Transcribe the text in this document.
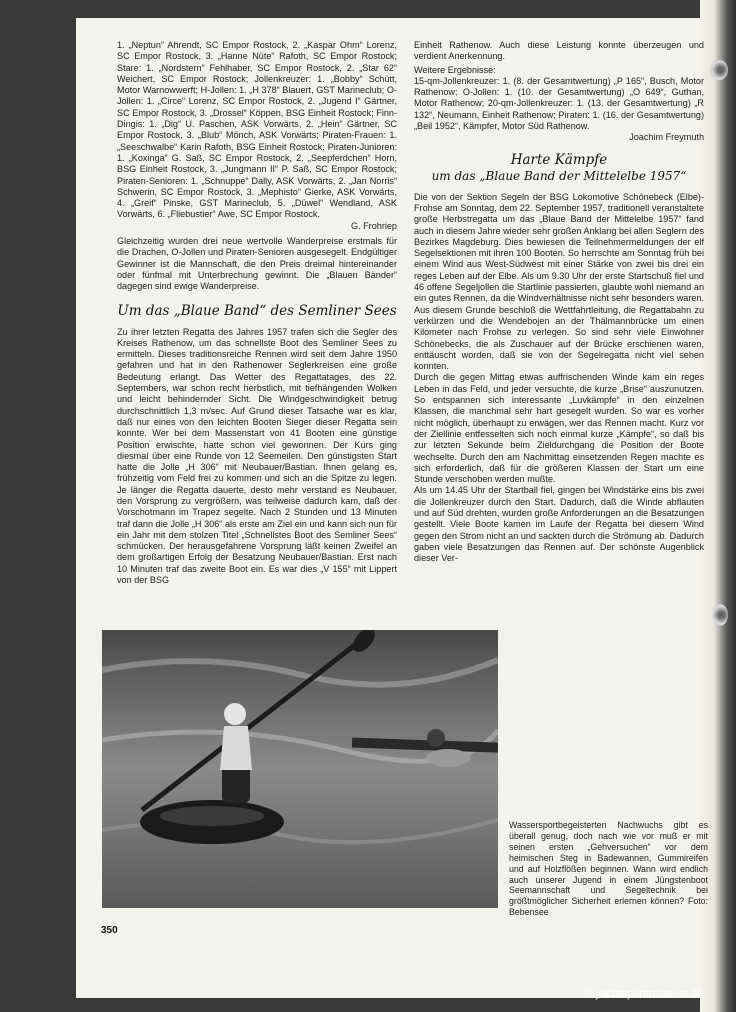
1. „Neptun“ Ahrendt, SC Empor Rostock, 2. „Kaspar Ohm“ Lorenz, SC Empor Rostock, 3. „Hanne Nüte“ Rafoth, SC Empor Rostock; Stare: 1. „Nordstern“ Fehlhaber, SC Empor Rostock, 2. „Star 62“ Weichert, SC Empor Rostock; Jollenkreuzer: 1. „Bobby“ Schütt, Motor Warnowwerft; H-Jollen: 1. „H 378“ Blauert, GST Marineclub; O-Jollen: 1. „Circe“ Lorenz, SC Empor Rostock, 2. „Jugend I“ Gärtner, SC Empor Rostock, 3. „Drossel“ Köppen, BSG Einheit Rostock; Finn-Dingis: 1. „Dig“ U. Paschen, ASK Vorwärts, 2. „Hein“ Gärtner, SC Empor Rostock, 3. „Blub“ Mönch, ASK Vorwärts; Piraten-Frauen: 1. „Seeschwalbe“ Karin Rafoth, BSG Einheit Rostock; Piraten-Junioren: 1. „Koxinga“ G. Saß, SC Empor Rostock, 2. „Seepferdchen“ Horn, BSG Einheit Rostock, 3. „Jungmann II“ P. Saß, SC Empor Rostock; Piraten-Senioren: 1. „Schnuppe“ Dally, ASK Vorwärts, 2. „Jan Norris“ Schwerin, SC Empor Rostock, 3. „Mephisto“ Gierke, ASK Vorwärts, 4. „Greif“ Pinske, GST Marineclub, 5. „Düwel“ Wendland, ASK Vorwärts, 6. „Fliebustier“ Awe, SC Empor Rostock.

G. Frohriep

Gleichzeitig wurden drei neue wertvolle Wanderpreise erstmals für die Drachen, O-Jollen und Piraten-Senioren ausgesegelt. Endgültiger Gewinner ist die Mannschaft, die den Preis dreimal hintereinander oder fünfmal mit Unterbrechung gewinnt. Die „Blauen Bänder“ dagegen sind ewige Wanderpreise.

Um das „Blaue Band“ des Semliner Sees

Zu ihrer letzten Regatta des Jahres 1957 trafen sich die Segler des Kreises Rathenow, um das schnellste Boot des Semliner Sees zu ermitteln. Dieses traditionsreiche Rennen wird seit dem Jahre 1950 gefahren und hat in den Rathenower Seglerkreisen eine große Bedeutung erlangt. Das Wetter des Regattatages, des 22. Septembers, war schon recht herbstlich, mit tiefhängenden Wolken und leicht behindernder Sicht. Die Windgeschwindigkeit betrug durchschnittlich 1,3 m/sec. Auf Grund dieser Tatsache war es klar, daß nur eines von den leichten Booten Sieger dieser Regatta sein konnte. Wer bei dem Massenstart von 41 Booten eine günstige Position erwischte, hatte schon viel gewonnen. Der Kurs ging diesmal über eine Runde von 12 Seemeilen. Den günstigsten Start hatte die Jolle „H 306“ mit Neubauer/Bastian. Ihnen gelang es, frühzeitig vom Feld frei zu kommen und sich an die Spitze zu legen. Je länger die Regatta dauerte, desto mehr verstand es Neubauer, den Vorsprung zu vergrößern, was teilweise dadurch kam, daß der Vorschotmann im Trapez segelte. Nach 2 Stunden und 13 Minuten traf dann die Jolle „H 306“ als erste am Ziel ein und kann sich nun für ein Jahr mit dem stolzen Titel „Schnellstes Boot des Semliner Sees“ schmücken. Der herausgefahrene Vorsprung läßt keinen Zweifel an dem großartigen Erfolg der Besatzung Neubauer/Bastian. Erst nach 10 Minuten traf das zweite Boot ein. Es war dies „V 155“ mit Lippert von der BSG

Einheit Rathenow. Auch diese Leistung konnte überzeugen und verdient Anerkennung.

Weitere Ergebnisse:

15-qm-Jollenkreuzer: 1. (8. der Gesamtwertung) „P 165“, Busch, Motor Rathenow; O-Jollen: 1. (10. der Gesamtwertung) „O 649“, Guthan, Motor Rathenow; 20-qm-Jollenkreuzer: 1. (13. der Gesamtwertung) „R 132“, Neumann, Einheit Rathenow; Piraten: 1. (16. der Gesamtwertung) „Beil 1952“, Kämpfer, Motor Süd Rathenow.

Joachim Freymuth

Harte Kämpfe
um das „Blaue Band der Mittelelbe 1957“

Die von der Sektion Segeln der BSG Lokomotive Schönebeck (Elbe)-Frohse am Sonntag, dem 22. September 1957, traditionell veranstaltete große Herbstregatta um das „Blaue Band der Mittelelbe 1957“ fand auch in diesem Jahre wieder sehr großen Anklang bei allen Seglern des Bezirkes Magdeburg. Dies bewiesen die Teilnehmermeldungen der elf Segelsektionen mit ihren 100 Booten. So herrschte am Sonntag früh bei einem Wind aus West-Südwest mit einer Stärke von zwei bis drei ein reges Leben auf der Elbe. Als um 9.30 Uhr der erste Startschuß fiel und 46 offene Segeljollen die Startlinie passierten, glaubte wohl niemand an ein gutes Rennen, da die Windverhältnisse nicht sehr besonders waren. Aus diesem Grunde beschloß die Wettfahrtleitung, die Regattabahn zu verkürzen und die Wendebojen an der Thälmannbrücke um einen Kilometer nach Frohse zu verlegen. So sind sehr viele Einwohner Schönebecks, die als Zuschauer auf der Brücke erschienen waren, enttäuscht worden, daß sie von der Segelregatta nicht viel sehen konnten.

Durch die gegen Mittag etwas auffrischenden Winde kam ein reges Leben in das Feld, und jeder versuchte, die kurze „Brise“ auszunutzen. So entspannen sich interessante „Luvkämpfe“ in den einzelnen Klassen, die manchmal sehr hart gesegelt wurden. So war es vorher nicht möglich, überhaupt zu erwägen, wer das Rennen macht. Kurz vor der Ziellinie entfesselten sich noch einmal kurze „Kämpfe“, so daß bis zur letzten Sekunde beim Zieldurchgang die Position der Boote wechselte. Durch den am Nachmittag einsetzenden Regen machte es sich erforderlich, daß für die größeren Klassen der Start um eine Stunde verschoben werden mußte.

Als um 14.45 Uhr der Startball fiel, gingen bei Windstärke eins bis zwei die Jollenkreuzer durch den Start. Dadurch, daß die Winde abflauten und auf Süd drehten, wurden große Anforderungen an die Besatzungen gestellt. Viele Boote kamen im Laufe der Regatta bei diesem Wind gegen den Strom nicht an und sackten durch die Strömung ab. Dadurch gaben viele Besatzungen das Rennen auf. Der schönste Augenblick dieser Ver-

Wassersportbegeisterten Nachwuchs gibt es überall genug, doch nach wie vor muß er mit seinen ersten „Gehversuchen“ vor dem heimischen Steg in Badewannen, Gummireifen und auf Holzflößen beginnen. Wann wird endlich auch unserer Jugend in einem Jüngstenboot Seemannschaft und Segeltechnik bei größtmöglicher Sicherheit erlernen können? Foto: Bebensee
350
© yachtsportmuseum.de
